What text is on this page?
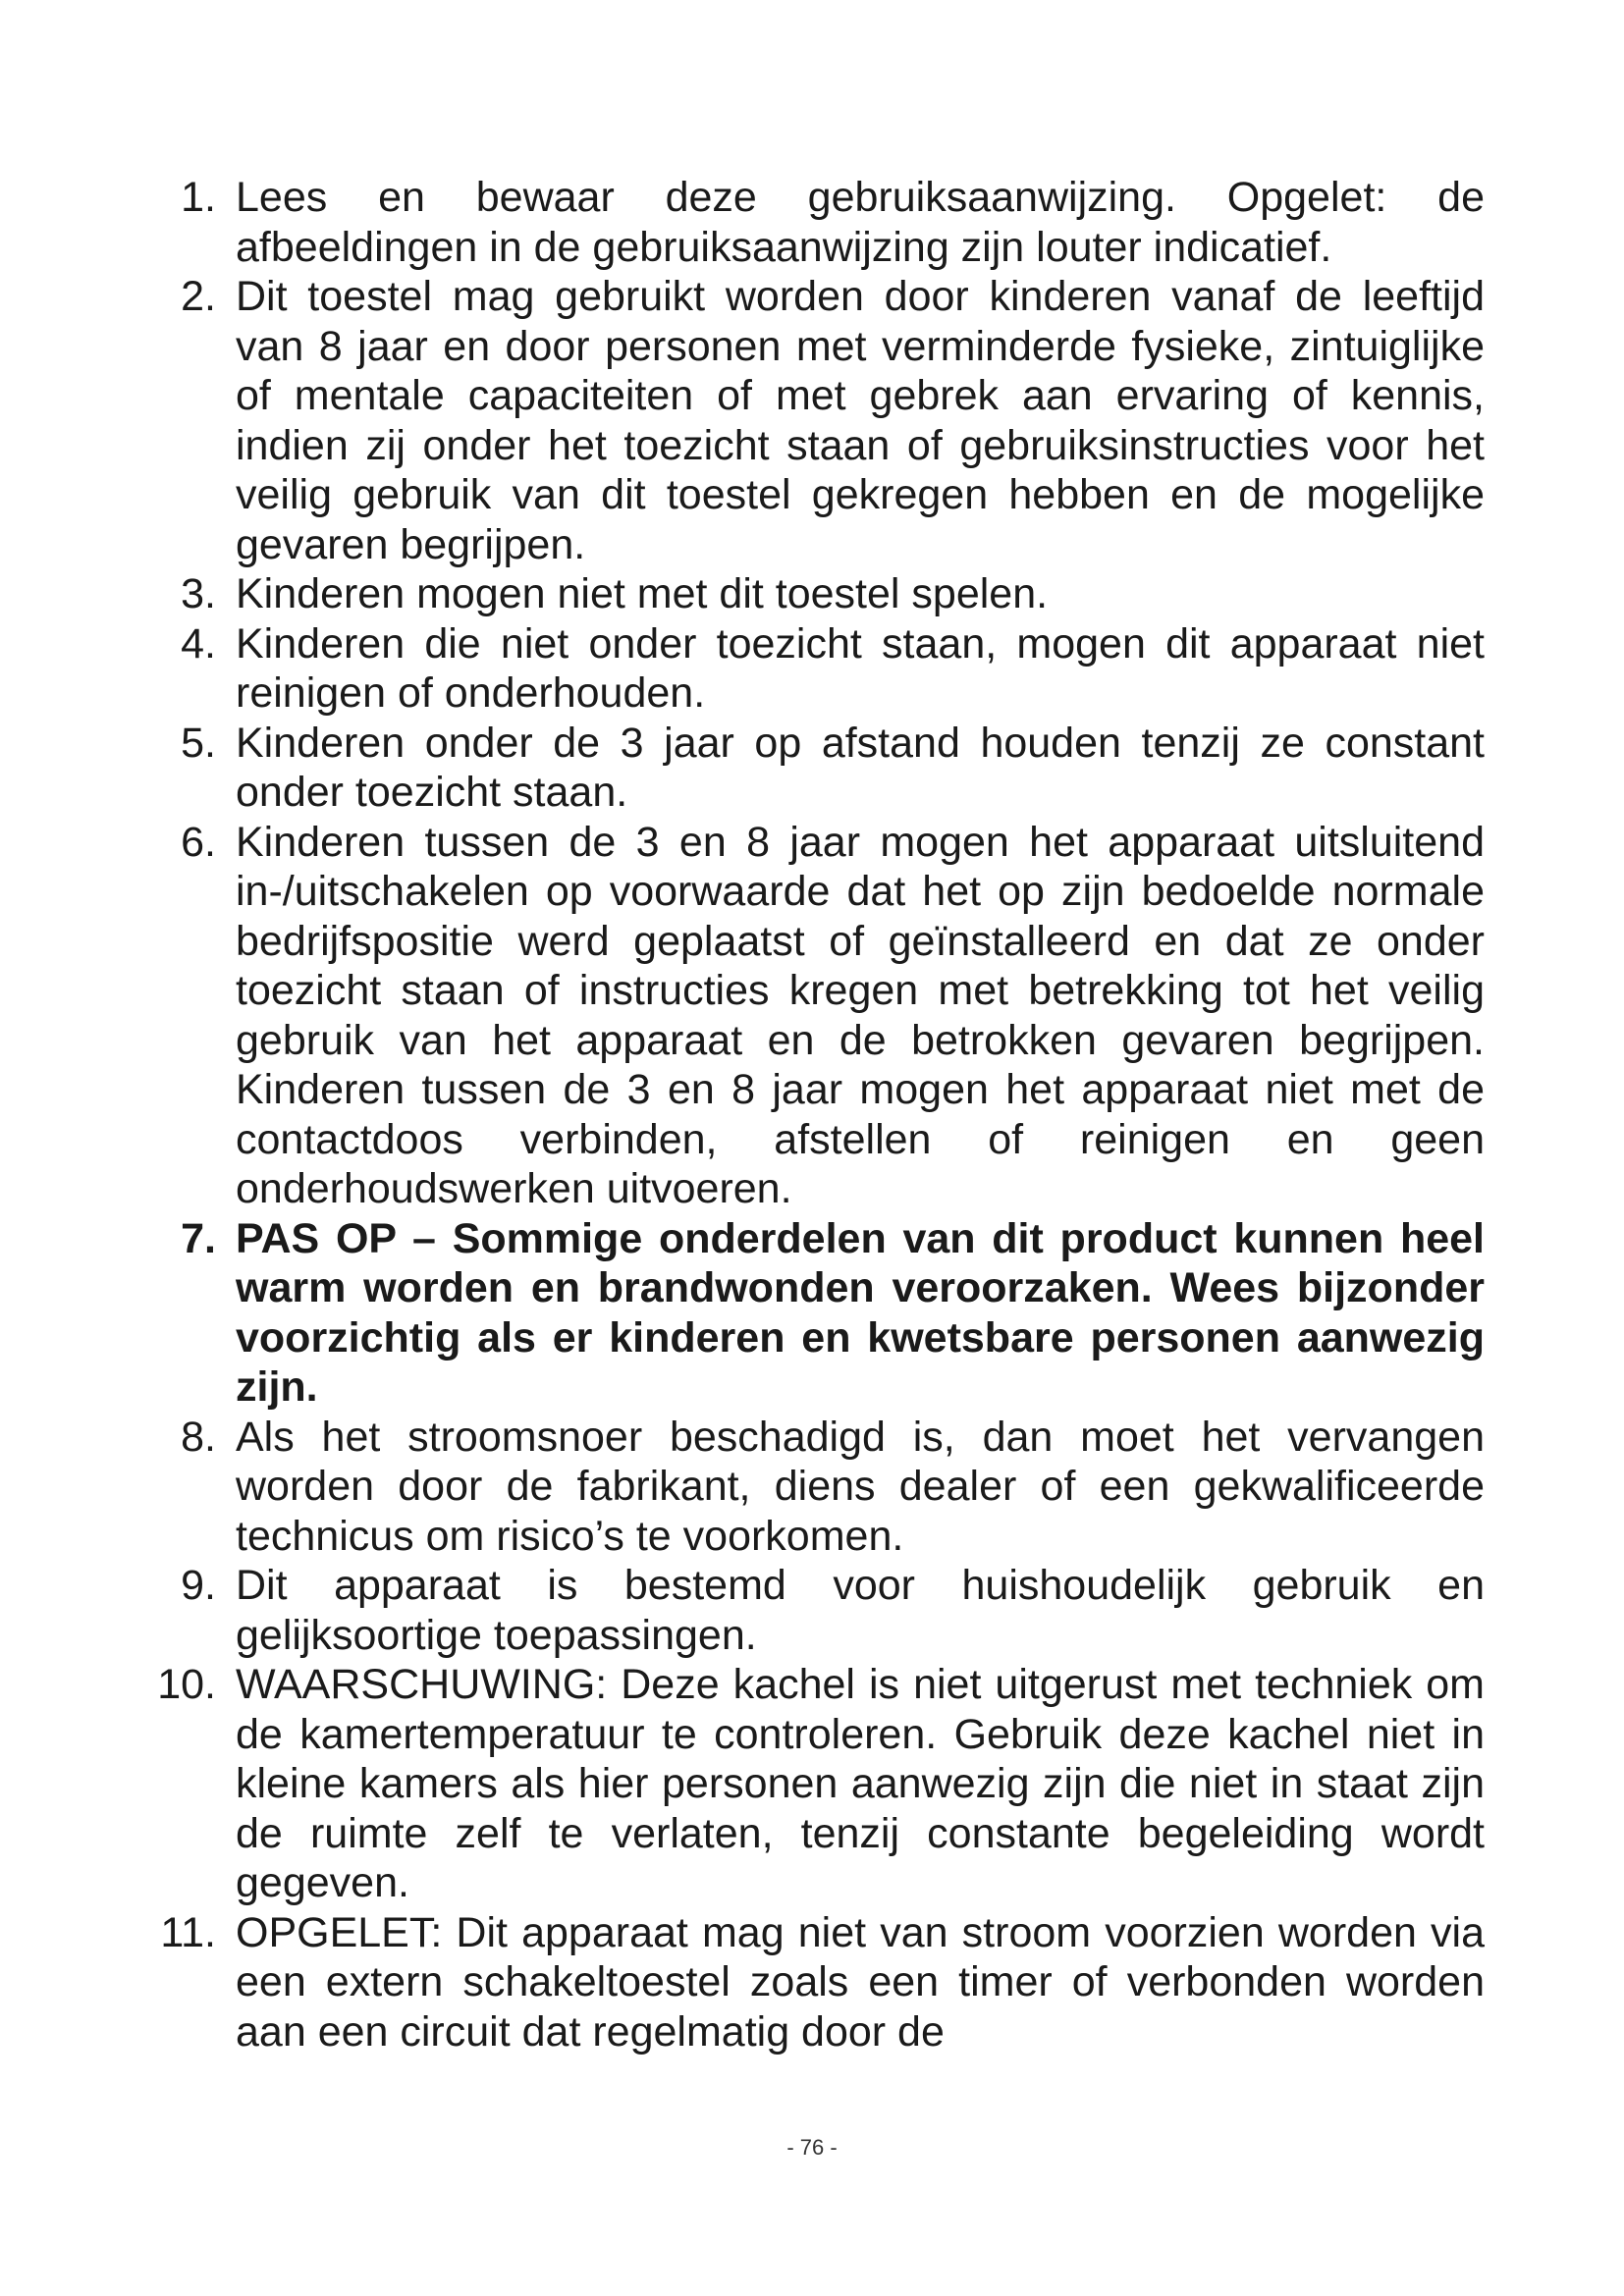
1. Lees en bewaar deze gebruiksaanwijzing. Opgelet: de afbeeldingen in de gebruiksaanwijzing zijn louter indicatief.
2. Dit toestel mag gebruikt worden door kinderen vanaf de leeftijd van 8 jaar en door personen met verminderde fysieke, zintuiglijke of mentale capaciteiten of met gebrek aan ervaring of kennis, indien zij onder het toezicht staan of gebruiksinstructies voor het veilig gebruik van dit toestel gekregen hebben en de mogelijke gevaren begrijpen.
3. Kinderen mogen niet met dit toestel spelen.
4. Kinderen die niet onder toezicht staan, mogen dit apparaat niet reinigen of onderhouden.
5. Kinderen onder de 3 jaar op afstand houden tenzij ze constant onder toezicht staan.
6. Kinderen tussen de 3 en 8 jaar mogen het apparaat uitsluitend in-/uitschakelen op voorwaarde dat het op zijn bedoelde normale bedrijfspositie werd geplaatst of geïnstalleerd en dat ze onder toezicht staan of instructies kregen met betrekking tot het veilig gebruik van het apparaat en de betrokken gevaren begrijpen. Kinderen tussen de 3 en 8 jaar mogen het apparaat niet met de contactdoos verbinden, afstellen of reinigen en geen onderhoudswerken uitvoeren.
7. PAS OP – Sommige onderdelen van dit product kunnen heel warm worden en brandwonden veroorzaken. Wees bijzonder voorzichtig als er kinderen en kwetsbare personen aanwezig zijn.
8. Als het stroomsnoer beschadigd is, dan moet het vervangen worden door de fabrikant, diens dealer of een gekwalificeerde technicus om risico’s te voorkomen.
9. Dit apparaat is bestemd voor huishoudelijk gebruik en gelijksoortige toepassingen.
10. WAARSCHUWING: Deze kachel is niet uitgerust met techniek om de kamertemperatuur te controleren. Gebruik deze kachel niet in kleine kamers als hier personen aanwezig zijn die niet in staat zijn de ruimte zelf te verlaten, tenzij constante begeleiding wordt gegeven.
11. OPGELET: Dit apparaat mag niet van stroom voorzien worden via een extern schakeltoestel zoals een timer of verbonden worden aan een circuit dat regelmatig door de
- 76 -
